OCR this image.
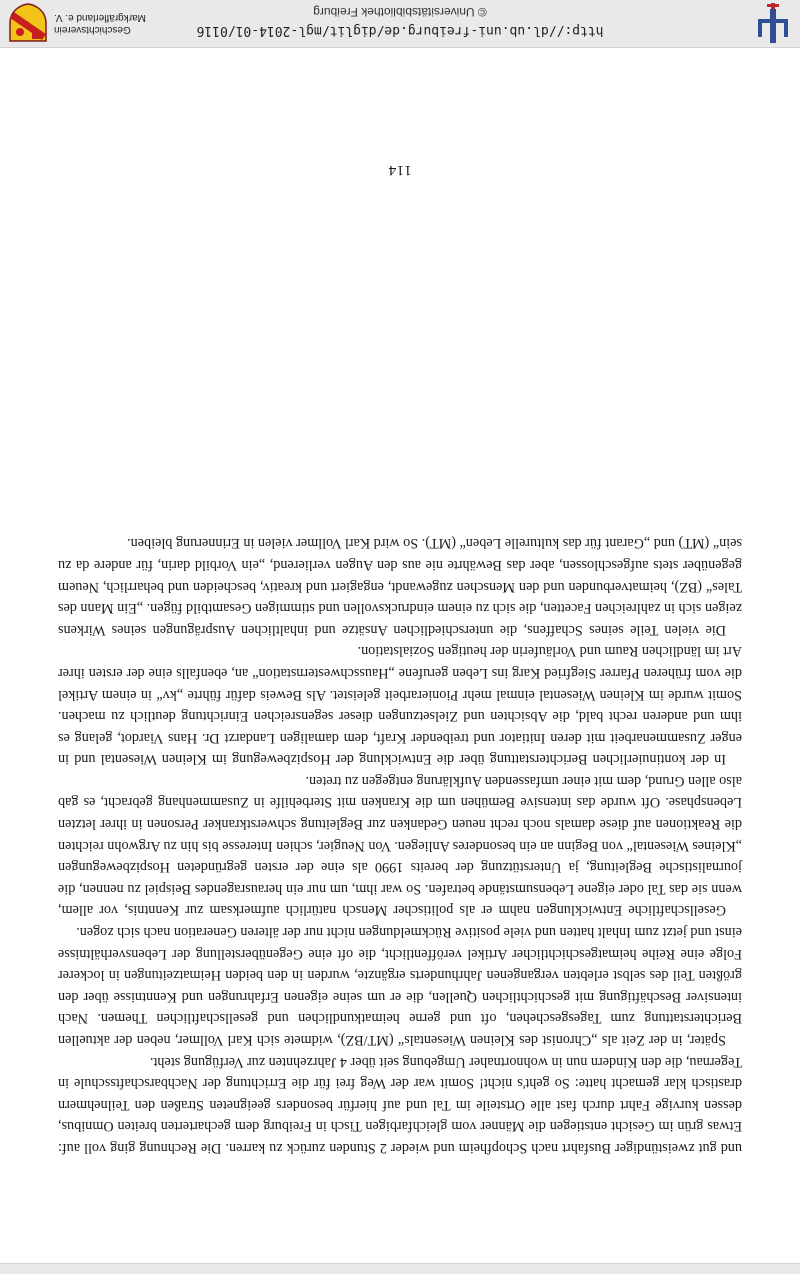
und gut zweistündiger Busfahrt nach Schopfheim und wieder 2 Stunden zurück zu karren. Die Rechnung ging voll auf: Etwas grün im Gesicht entstiegen die Männer vom gleichfarbigen Tisch in Freiburg dem gecharterten breiten Omnibus, dessen kurvige Fahrt durch fast alle Ortsteile im Tal und auf hierfür besonders geeigneten Straßen den Teilnehmern drastisch klar gemacht hatte: So geht's nicht! Somit war der Weg frei für die Errichtung der Nachbarschaftsschule in Tegernau, die den Kindern nun in wohnortnaher Umgebung seit über 4 Jahrzehnten zur Verfügung steht.

Später, in der Zeit als „Chronist des Kleinen Wiesentals“ (MT/BZ), widmete sich Karl Vollmer, neben der aktuellen Berichterstattung zum Tagesgeschehen, oft und gerne heimatkundlichen und gesellschaftlichen Themen. Nach intensiver Beschäftigung mit geschichtlichen Quellen, die er um seine eigenen Erfahrungen und Kenntnisse über den größten Teil des selbst erlebten vergangenen Jahrhunderts ergänzte, wurden in den beiden Heimatzeitungen in lockerer Folge eine Reihe heimatgeschichtlicher Artikel veröffentlicht, die oft eine Gegenüberstellung der Lebensverhältnisse einst und jetzt zum Inhalt hatten und viele positive Rückmeldungen nicht nur der älteren Generation nach sich zogen.

Gesellschaftliche Entwicklungen nahm er als politischer Mensch natürlich aufmerksam zur Kenntnis, vor allem, wenn sie das Tal oder eigene Lebensumstände betrafen. So war ihm, um nur ein herausragendes Beispiel zu nennen, die journalistische Begleitung, ja Unterstützung der bereits 1990 als eine der ersten gegründeten Hospizbewegungen „Kleines Wiesental“ von Beginn an ein besonderes Anliegen. Von Neugier, schien Interesse bis hin zu Argwohn reichten die Reaktionen auf diese damals noch recht neuen Gedanken zur Begleitung schwerstkranker Personen in ihrer letzten Lebensphase. Oft wurde das intensive Bemühen um die Kranken mit Sterbehilfe in Zusammenhang gebracht, es gab also allen Grund, dem mit einer umfassenden Aufklärung entgegen zu treten.

In der kontinuierlichen Berichterstattung über die Entwicklung der Hospizbewegung im Kleinen Wiesental und in enger Zusammenarbeit mit deren Initiator und treibender Kraft, dem damaligen Landarzt Dr. Hans Viardot, gelang es ihm und anderen recht bald, die Absichten und Zielsetzungen dieser segensreichen Einrichtung deutlich zu machen. Somit wurde im Kleinen Wiesental einmal mehr Pionierarbeit geleistet. Als Beweis dafür führte „kv“ in einem Artikel die vom früheren Pfarrer Siegfried Karg ins Leben gerufene „Hausschwesternstation“ an, ebenfalls eine der ersten ihrer Art im ländlichen Raum und Vorläuferin der heutigen Sozialstation.

Die vielen Teile seines Schaffens, die unterschiedlichen Ansätze und inhaltlichen Ausprägungen seines Wirkens zeigen sich in zahlreichen Facetten, die sich zu einem eindrucksvollen und stimmigen Gesamtbild fügen. „Ein Mann des Tales“ (BZ), heimatverbunden und den Menschen zugewandt, engagiert und kreativ, bescheiden und beharrlich, Neuem gegenüber stets aufgeschlossen, aber das Bewährte nie aus den Augen verlierend, „ein Vorbild darin, für andere da zu sein“ (MT) und „Garant für das kulturelle Leben“ (MT). So wird Karl Vollmer vielen in Erinnerung bleiben.

114
http://dl.ub.uni-freiburg.de/diglit/mgl-2014-01/0116
© Universitätsbibliothek Freiburg
Geschichtsverein
Markgräflerland e. V.
